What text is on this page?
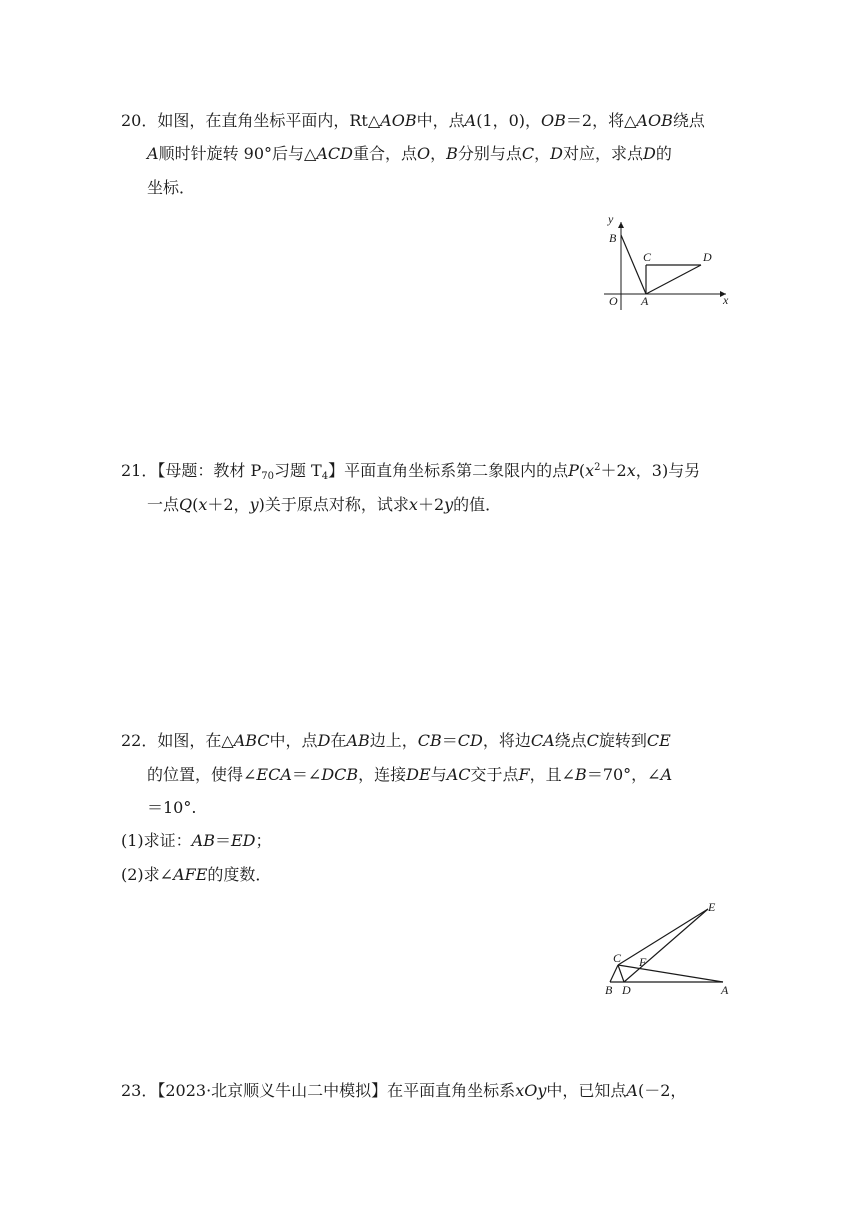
20．如图，在直角坐标平面内，Rt△AOB中，点A(1，0)，OB＝2，将△AOB绕点
A顺时针旋转 90°后与△ACD重合，点O，B分别与点C，D对应，求点D的
坐标．
y
B
C	D
O A	x
21．【母题：教材 $P_{70}$习题 $T_4$】平面直角坐标系第二象限内的点$P(x^2+2x$，3)与另
一点Q(x＋2，y)关于原点对称，试求x＋2y的值．
22．如图，在△ABC中，点D在AB边上，CB＝CD，将边CA绕点C旋转到CE
的位置，使得∠ECA＝∠DCB，连接DE与AC交于点F，且∠B＝70°，∠A
＝10°.
(1)求证：AB＝ED；
(2)求∠AFE的度数．
E
C F
B D	A
23．【2023·北京顺义牛山二中模拟】在平面直角坐标系xOy中，已知点A(－2，
